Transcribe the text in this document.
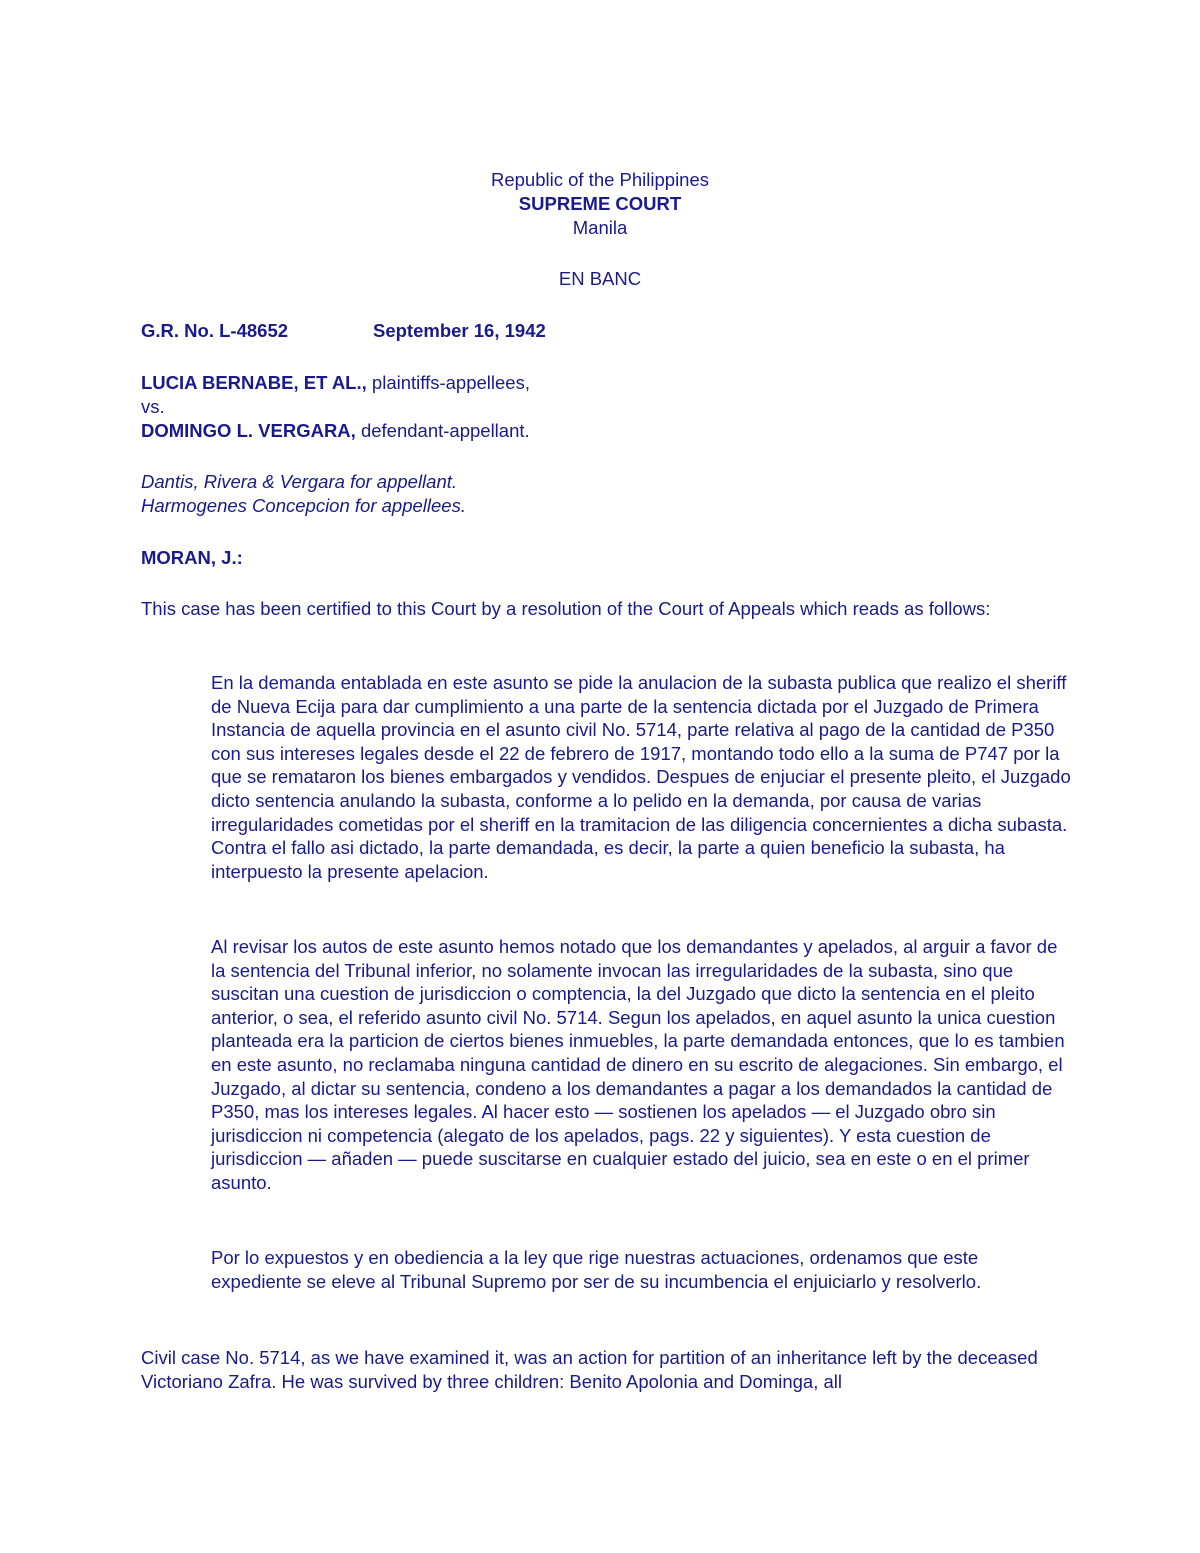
Republic of the Philippines
SUPREME COURT
Manila
EN BANC
G.R. No. L-48652	September 16, 1942
LUCIA BERNABE, ET AL., plaintiffs-appellees,
vs.
DOMINGO L. VERGARA, defendant-appellant.
Dantis, Rivera & Vergara for appellant.
Harmogenes Concepcion for appellees.
MORAN, J.:
This case has been certified to this Court by a resolution of the Court of Appeals which reads as follows:
En la demanda entablada en este asunto se pide la anulacion de la subasta publica que realizo el sheriff de Nueva Ecija para dar cumplimiento a una parte de la sentencia dictada por el Juzgado de Primera Instancia de aquella provincia en el asunto civil No. 5714, parte relativa al pago de la cantidad de P350 con sus intereses legales desde el 22 de febrero de 1917, montando todo ello a la suma de P747 por la que se remataron los bienes embargados y vendidos. Despues de enjuciar el presente pleito, el Juzgado dicto sentencia anulando la subasta, conforme a lo pelido en la demanda, por causa de varias irregularidades cometidas por el sheriff en la tramitacion de las diligencia concernientes a dicha subasta. Contra el fallo asi dictado, la parte demandada, es decir, la parte a quien beneficio la subasta, ha interpuesto la presente apelacion.
Al revisar los autos de este asunto hemos notado que los demandantes y apelados, al arguir a favor de la sentencia del Tribunal inferior, no solamente invocan las irregularidades de la subasta, sino que suscitan una cuestion de jurisdiccion o comptencia, la del Juzgado que dicto la sentencia en el pleito anterior, o sea, el referido asunto civil No. 5714. Segun los apelados, en aquel asunto la unica cuestion planteada era la particion de ciertos bienes inmuebles, la parte demandada entonces, que lo es tambien en este asunto, no reclamaba ninguna cantidad de dinero en su escrito de alegaciones. Sin embargo, el Juzgado, al dictar su sentencia, condeno a los demandantes a pagar a los demandados la cantidad de P350, mas los intereses legales. Al hacer esto — sostienen los apelados — el Juzgado obro sin jurisdiccion ni competencia (alegato de los apelados, pags. 22 y siguientes). Y esta cuestion de jurisdiccion — añaden — puede suscitarse en cualquier estado del juicio, sea en este o en el primer asunto.
Por lo expuestos y en obediencia a la ley que rige nuestras actuaciones, ordenamos que este expediente se eleve al Tribunal Supremo por ser de su incumbencia el enjuiciarlo y resolverlo.
Civil case No. 5714, as we have examined it, was an action for partition of an inheritance left by the deceased Victoriano Zafra. He was survived by three children: Benito Apolonia and Dominga, all
